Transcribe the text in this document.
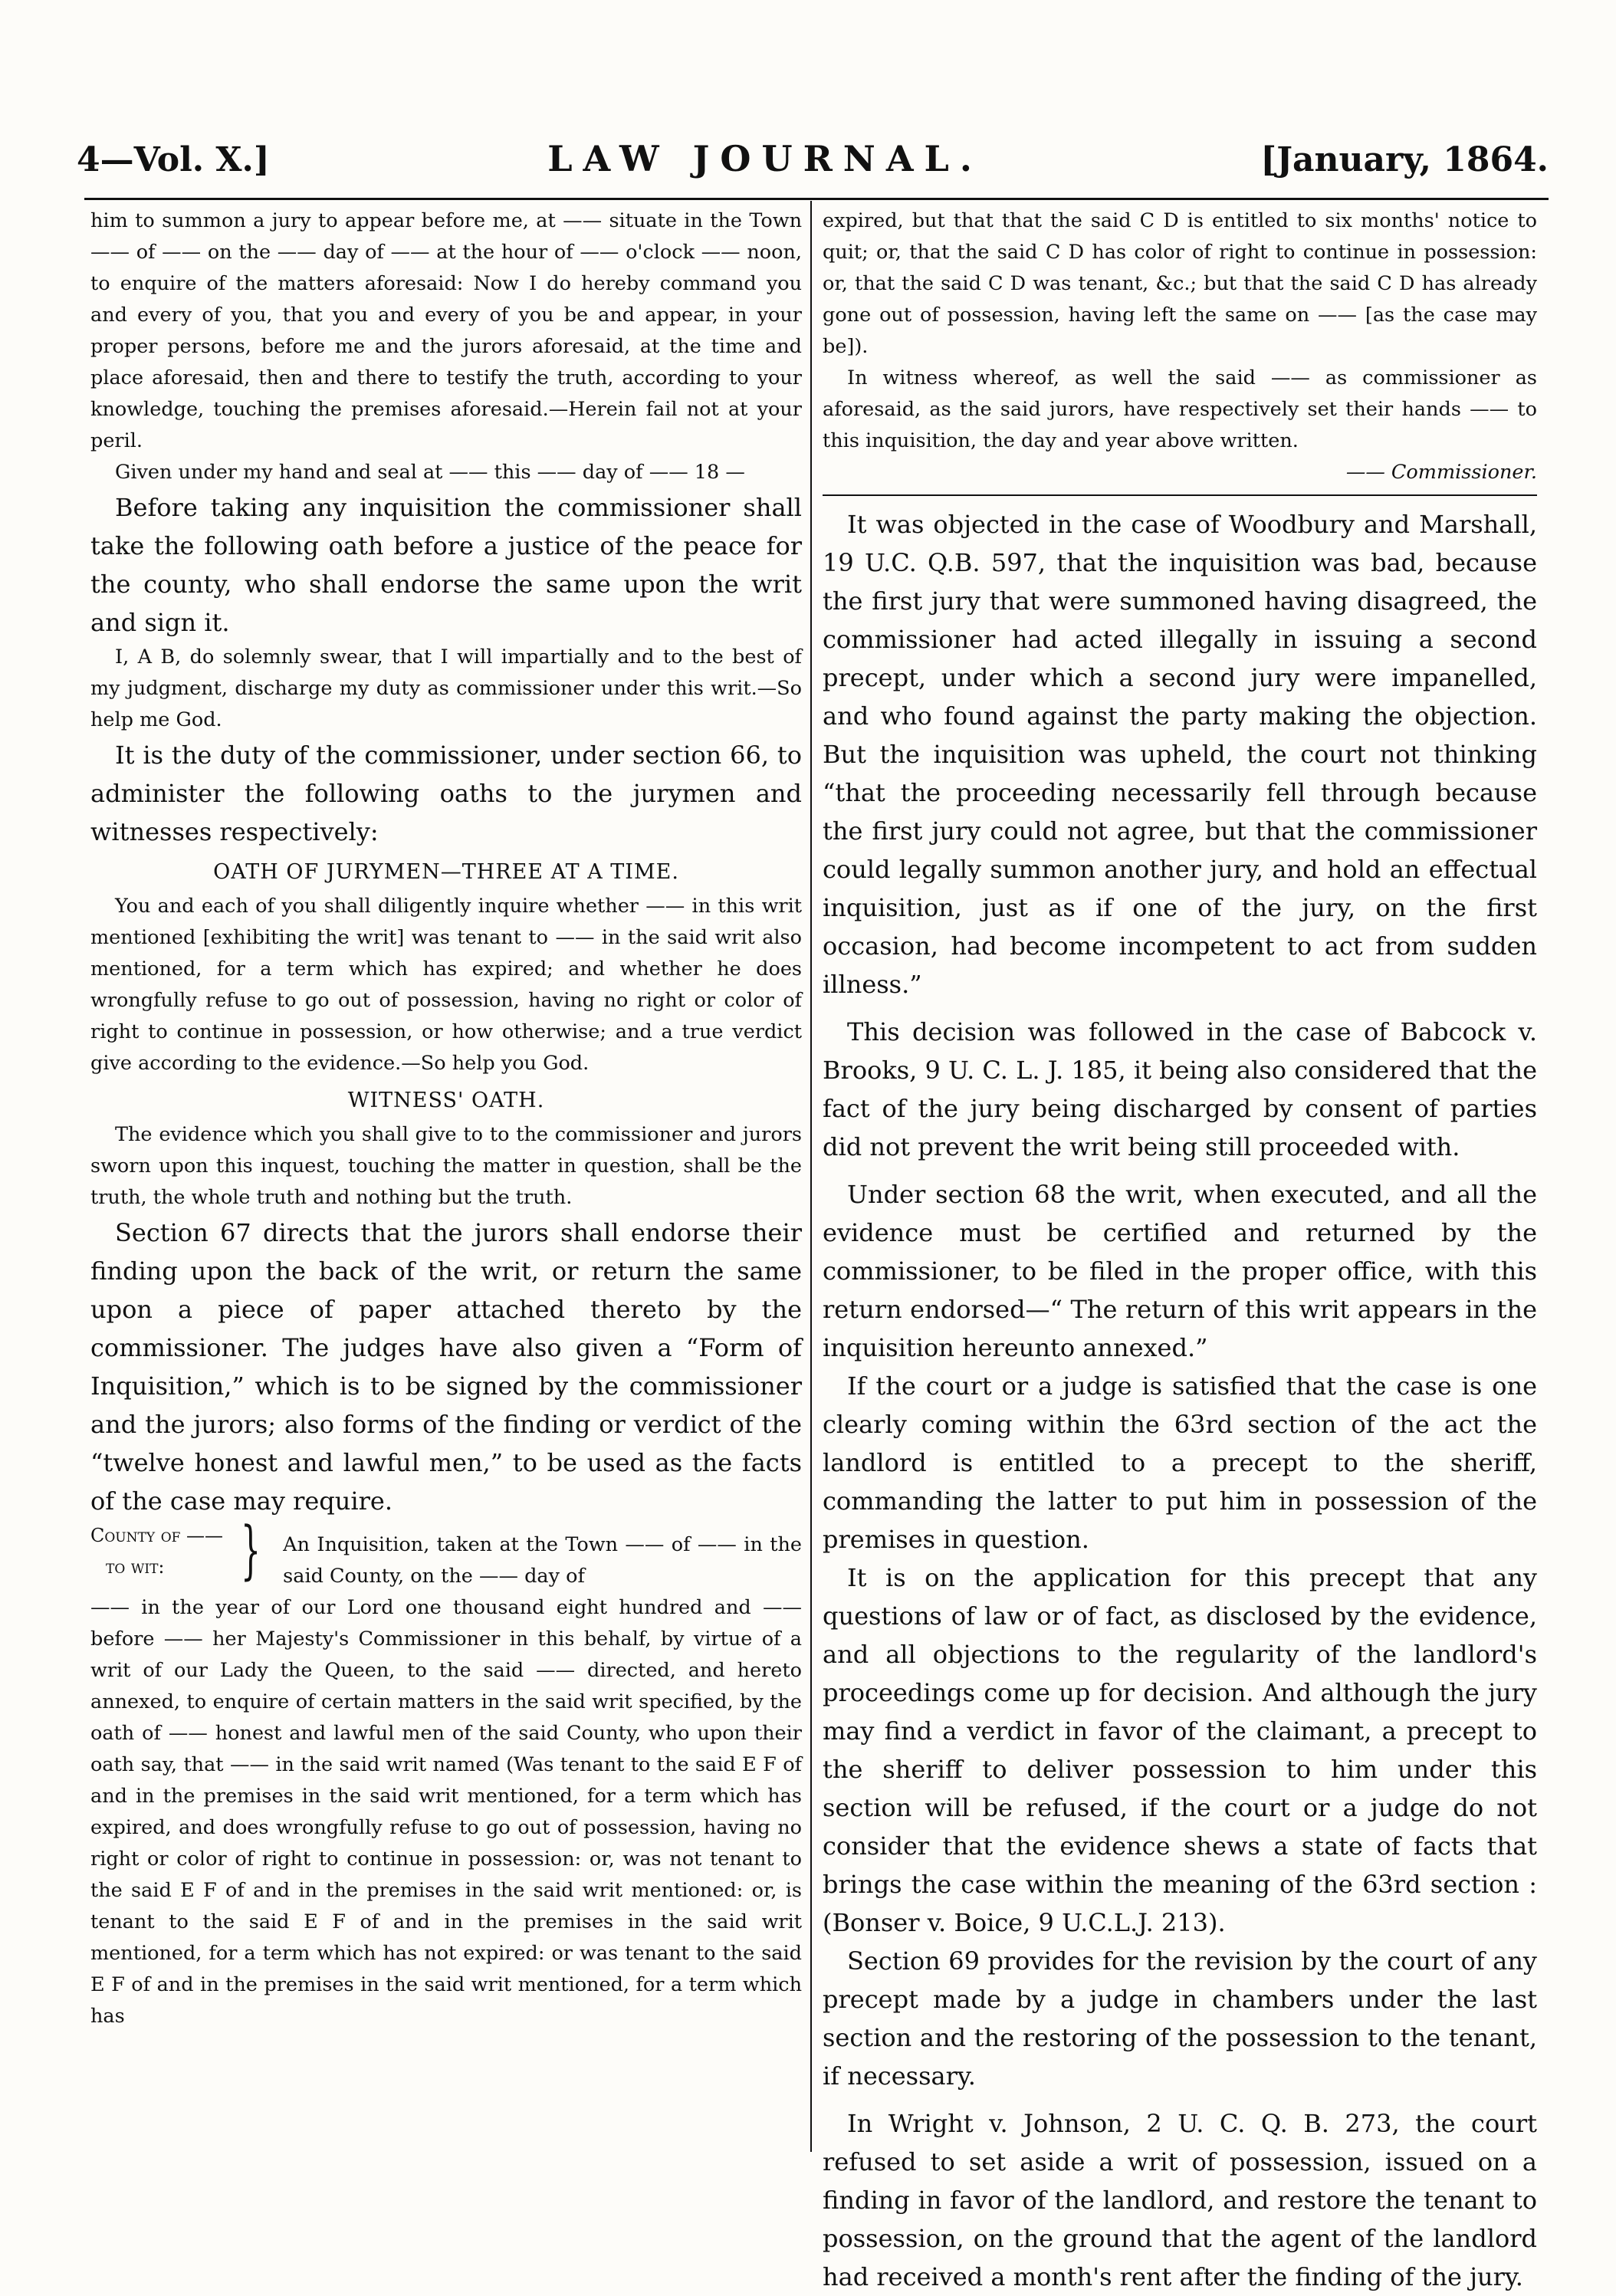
4—Vol. X.]	LAW JOURNAL.	[January, 1864.

him to summon a jury to appear before me, at —— situate in the Town —— of —— on the —— day of —— at the hour of —— o'clock —— noon, to enquire of the matters aforesaid: Now I do hereby command you and every of you, that you and every of you be and appear, in your proper persons, before me and the jurors aforesaid, at the time and place aforesaid, then and there to testify the truth, according to your knowledge, touching the premises aforesaid.—Herein fail not at your peril.

Given under my hand and seal at —— this —— day of —— 18 —

Before taking any inquisition the commissioner shall take the following oath before a justice of the peace for the county, who shall endorse the same upon the writ and sign it.

I, A B, do solemnly swear, that I will impartially and to the best of my judgment, discharge my duty as commissioner under this writ.—So help me God.

It is the duty of the commissioner, under section 66, to administer the following oaths to the jurymen and witnesses respectively:

OATH OF JURYMEN—THREE AT A TIME.

You and each of you shall diligently inquire whether —— in this writ mentioned [exhibiting the writ] was tenant to —— in the said writ also mentioned, for a term which has expired; and whether he does wrongfully refuse to go out of possession, having no right or color of right to continue in possession, or how otherwise; and a true verdict give according to the evidence.—So help you God.

WITNESS' OATH.

The evidence which you shall give to to the commissioner and jurors sworn upon this inquest, touching the matter in question, shall be the truth, the whole truth and nothing but the truth.

Section 67 directs that the jurors shall endorse their finding upon the back of the writ, or return the same upon a piece of paper attached thereto by the commissioner. The judges have also given a “Form of Inquisition,” which is to be signed by the commissioner and the jurors; also forms of the finding or verdict of the “twelve honest and lawful men,” to be used as the facts of the case may require.

County of ——
to wit:	} An Inquisition, taken at the Town —— of —— in the said County, on the —— day of

—— in the year of our Lord one thousand eight hundred and —— before —— her Majesty's Commissioner in this behalf, by virtue of a writ of our Lady the Queen, to the said —— directed, and hereto annexed, to enquire of certain matters in the said writ specified, by the oath of —— honest and lawful men of the said County, who upon their oath say, that —— in the said writ named (Was tenant to the said E F of and in the premises in the said writ mentioned, for a term which has expired, and does wrongfully refuse to go out of possession, having no right or color of right to continue in possession: or, was not tenant to the said E F of and in the premises in the said writ mentioned: or, is tenant to the said E F of and in the premises in the said writ mentioned, for a term which has not expired: or was tenant to the said E F of and in the premises in the said writ mentioned, for a term which has

expired, but that that the said C D is entitled to six months' notice to quit; or, that the said C D has color of right to continue in possession: or, that the said C D was tenant, &c.; but that the said C D has already gone out of possession, having left the same on —— [as the case may be]).

In witness whereof, as well the said —— as commissioner as aforesaid, as the said jurors, have respectively set their hands —— to this inquisition, the day and year above written.

—— Commissioner.

It was objected in the case of Woodbury and Marshall, 19 U.C. Q.B. 597, that the inquisition was bad, because the first jury that were summoned having disagreed, the commissioner had acted illegally in issuing a second precept, under which a second jury were impanelled, and who found against the party making the objection. But the inquisition was upheld, the court not thinking “that the proceeding necessarily fell through because the first jury could not agree, but that the commissioner could legally summon another jury, and hold an effectual inquisition, just as if one of the jury, on the first occasion, had become incompetent to act from sudden illness.”

This decision was followed in the case of Babcock v. Brooks, 9 U. C. L. J. 185, it being also considered that the fact of the jury being discharged by consent of parties did not prevent the writ being still proceeded with.

Under section 68 the writ, when executed, and all the evidence must be certified and returned by the commissioner, to be filed in the proper office, with this return endorsed—“ The return of this writ appears in the inquisition hereunto annexed.”

If the court or a judge is satisfied that the case is one clearly coming within the 63rd section of the act the landlord is entitled to a precept to the sheriff, commanding the latter to put him in possession of the premises in question.

It is on the application for this precept that any questions of law or of fact, as disclosed by the evidence, and all objections to the regularity of the landlord's proceedings come up for decision. And although the jury may find a verdict in favor of the claimant, a precept to the sheriff to deliver possession to him under this section will be refused, if the court or a judge do not consider that the evidence shews a state of facts that brings the case within the meaning of the 63rd section : (Bonser v. Boice, 9 U.C.L.J. 213).

Section 69 provides for the revision by the court of any precept made by a judge in chambers under the last section and the restoring of the possession to the tenant, if necessary.

In Wright v. Johnson, 2 U. C. Q. B. 273, the court refused to set aside a writ of possession, issued on a finding in favor of the landlord, and restore the tenant to possession, on the ground that the agent of the landlord had received a month's rent after the finding of the jury.
